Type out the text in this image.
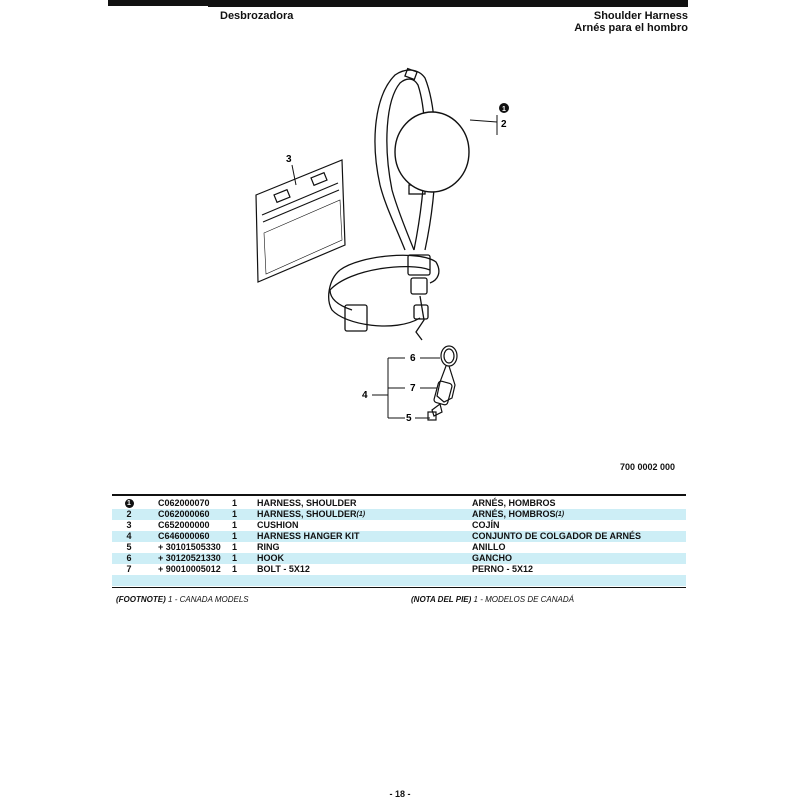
Desbrozadora	Shoulder Harness
Arnés para el hombro
1
2
3
4
5
6
7
700 0002 000
1	C062000070	1	HARNESS, SHOULDER	ARNÉS, HOMBROS
2	C062000060	1	HARNESS, SHOULDER$^{(1)}$	ARNÉS, HOMBROS$^{(1)}$
3	C652000000	1	CUSHION	COJÍN
4	C646000060	1	HARNESS HANGER KIT	CONJUNTO DE COLGADOR DE ARNÉS
5	+ 30101505330	1	RING	ANILLO
6	+ 30120521330	1	HOOK	GANCHO
7	+ 90010005012	1	BOLT - 5X12	PERNO - 5X12
(FOOTNOTE) 1 - CANADA MODELS	(NOTA DEL PIE) 1 - MODELOS DE CANADÁ
- 18 -
